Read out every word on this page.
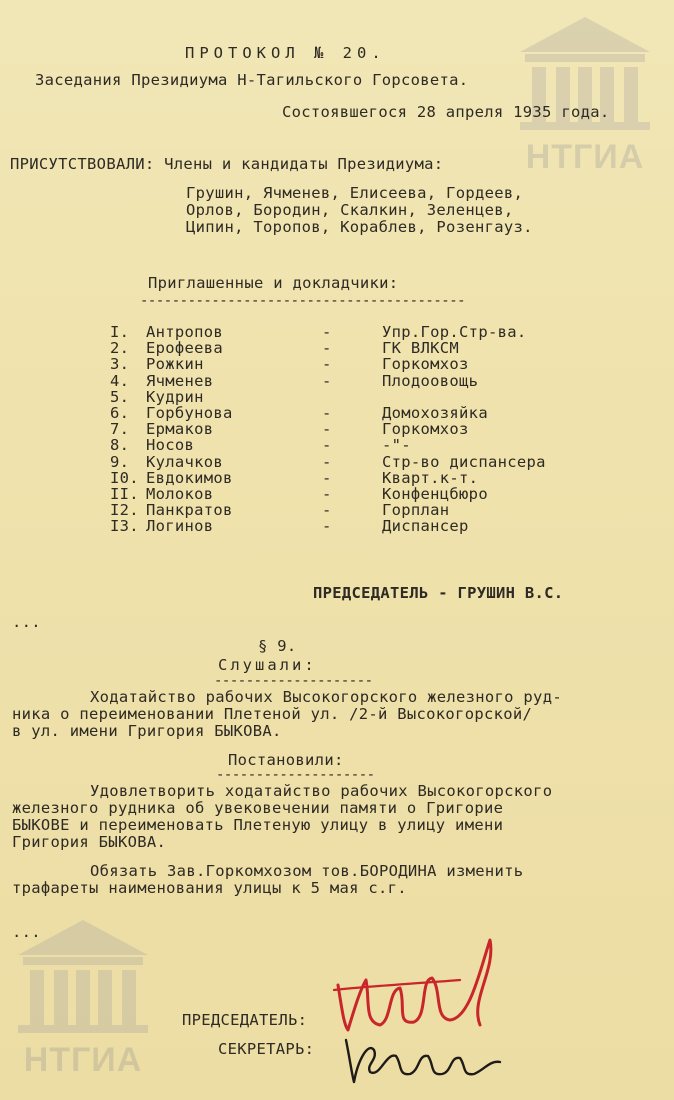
НТГИА
НТГИА
ПРОТОКОЛ № 20.
Заседания Президиума Н-Тагильского Горсовета.
Состоявшегося 28 апреля 1935 года.
ПРИСУТСТВОВАЛИ: Члены и кандидаты Президиума:
Грушин, Ячменев, Елисеева, Гордеев,
Орлов, Бородин, Скалкин, Зеленцев,
Ципин, Торопов, Кораблев, Розенгауз.
Приглашенные и докладчики:
-----------------------------------------
I. Антропов	-	Упр.Гор.Стр-ва.
2. Ерофеева	-	ГК ВЛКСМ
3. Рожкин	-	Горкомхоз
4. Ячменев	-	Плодоовощь
5. Кудрин
6. Горбунова	-	Домохозяйка
7. Ермаков	-	Горкомхоз
8. Носов	-	-"-
9. Кулачков	-	Стр-во диспансера
I0. Евдокимов	-	Кварт.к-т.
II. Молоков	-	Конфенцбюро
I2. Панкратов	-	Горплан
I3. Логинов	-	Диспансер
ПРЕДСЕДАТЕЛЬ - ГРУШИН В.С.
...
§ 9.
Слушали:
--------------------
Ходатайство рабочих Высокогорского железного руд-
ника о переименовании Плетеной ул. /2-й Высокогорской/
в ул. имени Григория БЫКОВА.
Постановили:
--------------------
Удовлетворить ходатайство рабочих Высокогорского
железного рудника об увековечении памяти о Григорие
БЫКОВЕ и переименовать Плетеную улицу в улицу имени
Григория БЫКОВА.
Обязать Зав.Горкомхозом тов.БОРОДИНА изменить
трафареты наименования улицы к 5 мая с.г.
...
ПРЕДСЕДАТЕЛЬ:
СЕКРЕТАРЬ:
